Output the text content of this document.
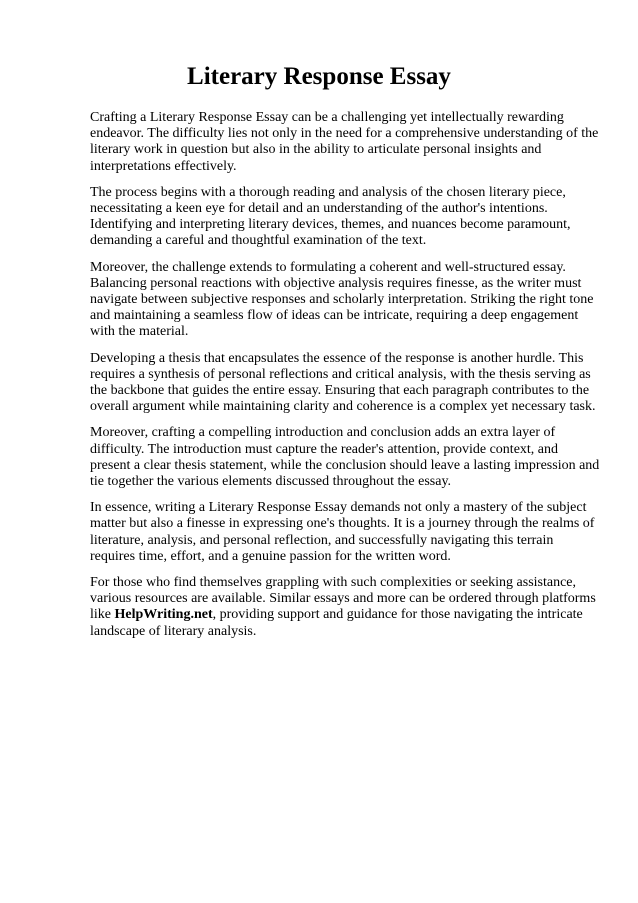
Literary Response Essay

Crafting a Literary Response Essay can be a challenging yet intellectually rewarding endeavor. The difficulty lies not only in the need for a comprehensive understanding of the literary work in question but also in the ability to articulate personal insights and interpretations effectively.

The process begins with a thorough reading and analysis of the chosen literary piece, necessitating a keen eye for detail and an understanding of the author's intentions. Identifying and interpreting literary devices, themes, and nuances become paramount, demanding a careful and thoughtful examination of the text.

Moreover, the challenge extends to formulating a coherent and well-structured essay. Balancing personal reactions with objective analysis requires finesse, as the writer must navigate between subjective responses and scholarly interpretation. Striking the right tone and maintaining a seamless flow of ideas can be intricate, requiring a deep engagement with the material.

Developing a thesis that encapsulates the essence of the response is another hurdle. This requires a synthesis of personal reflections and critical analysis, with the thesis serving as the backbone that guides the entire essay. Ensuring that each paragraph contributes to the overall argument while maintaining clarity and coherence is a complex yet necessary task.

Moreover, crafting a compelling introduction and conclusion adds an extra layer of difficulty. The introduction must capture the reader's attention, provide context, and present a clear thesis statement, while the conclusion should leave a lasting impression and tie together the various elements discussed throughout the essay.

In essence, writing a Literary Response Essay demands not only a mastery of the subject matter but also a finesse in expressing one's thoughts. It is a journey through the realms of literature, analysis, and personal reflection, and successfully navigating this terrain requires time, effort, and a genuine passion for the written word.

For those who find themselves grappling with such complexities or seeking assistance, various resources are available. Similar essays and more can be ordered through platforms like HelpWriting.net, providing support and guidance for those navigating the intricate landscape of literary analysis.
